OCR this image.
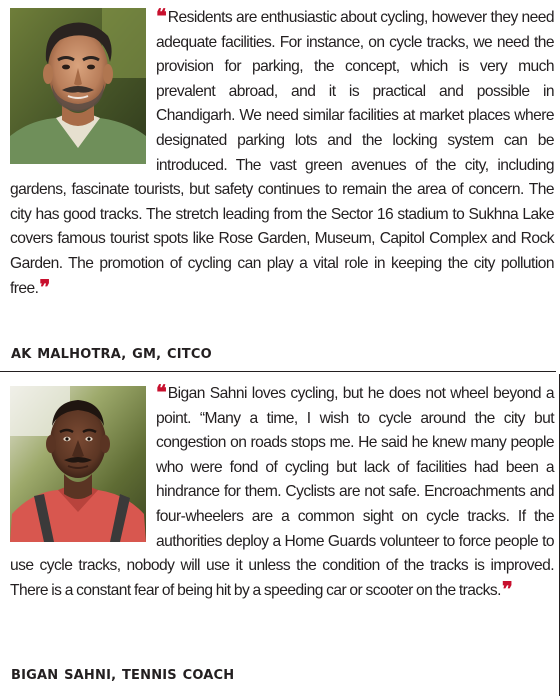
❝ Residents are enthusiastic about cycling, however they need adequate facilities. For instance, on cycle tracks, we need the provision for parking, the concept, which is very much prevalent abroad, and it is practical and possible in Chandigarh. We need similar facilities at market places where designated parking lots and the locking system can be introduced. The vast green avenues of the city, including gardens, fascinate tourists, but safety continues to remain the area of concern. The city has good tracks. The stretch leading from the Sector 16 stadium to Sukhna Lake covers famous tourist spots like Rose Garden, Museum, Capitol Complex and Rock Garden. The promotion of cycling can play a vital role in keeping the city pollution free.❞

AK MALHOTRA, GM, CITCO

❝ Bigan Sahni loves cycling, but he does not wheel beyond a point. “Many a time, I wish to cycle around the city but congestion on roads stops me. He said he knew many people who were fond of cycling but lack of facilities had been a hindrance for them. Cyclists are not safe. Encroachments and four-wheelers are a common sight on cycle tracks. If the authorities deploy a Home Guards volunteer to force people to use cycle tracks, nobody will use it unless the condition of the tracks is improved. There is a constant fear of being hit by a speeding car or scooter on the tracks.❞

BIGAN SAHNI, TENNIS COACH
